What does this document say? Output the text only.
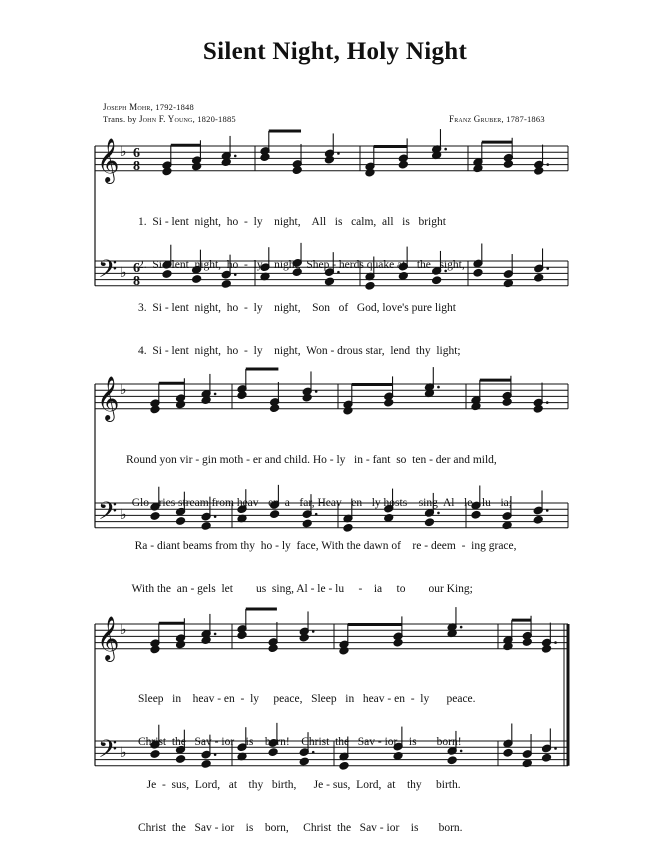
Silent Night, Holy Night
Joseph Mohr, 1792-1848
Trans. by John F. Young, 1820-1885	Franz Gruber, 1787-1863
𝄞
𝄢
♭
♭
6
8
6
8
𝄞
𝄢
♭
♭
𝄞
𝄢
♭
♭

1.  Si - lent  night,  ho  -  ly    night,    All   is   calm,  all   is   bright

2.  Si - lent  night,  ho  -  ly    night,  Shep - herds quake at    the   sight,

3.  Si - lent  night,  ho  -  ly    night,    Son   of   God, love's pure light

4.  Si - lent  night,  ho  -  ly    night,  Won - drous star,  lend  thy  light;

Round yon vir - gin moth - er and child. Ho - ly   in - fant  so  ten - der and mild,

Glo - ries stream from heav - en  a - far, Heav - en - ly hosts    sing  Al - le - lu - ia;

Ra - diant beams from thy  ho - ly  face, With the dawn of    re - deem  -  ing grace,

With the  an - gels  let        us  sing, Al - le - lu     -    ia     to        our King;

Sleep   in    heav - en  -  ly     peace,   Sleep   in   heav - en  -  ly      peace.

Christ  the   Sav - ior    is    born!    Christ  the   Sav - ior    is       born!

Je  -  sus,  Lord,   at    thy   birth,      Je - sus,  Lord,  at    thy     birth.

Christ  the   Sav - ior    is    born,     Christ  the   Sav - ior    is       born.
